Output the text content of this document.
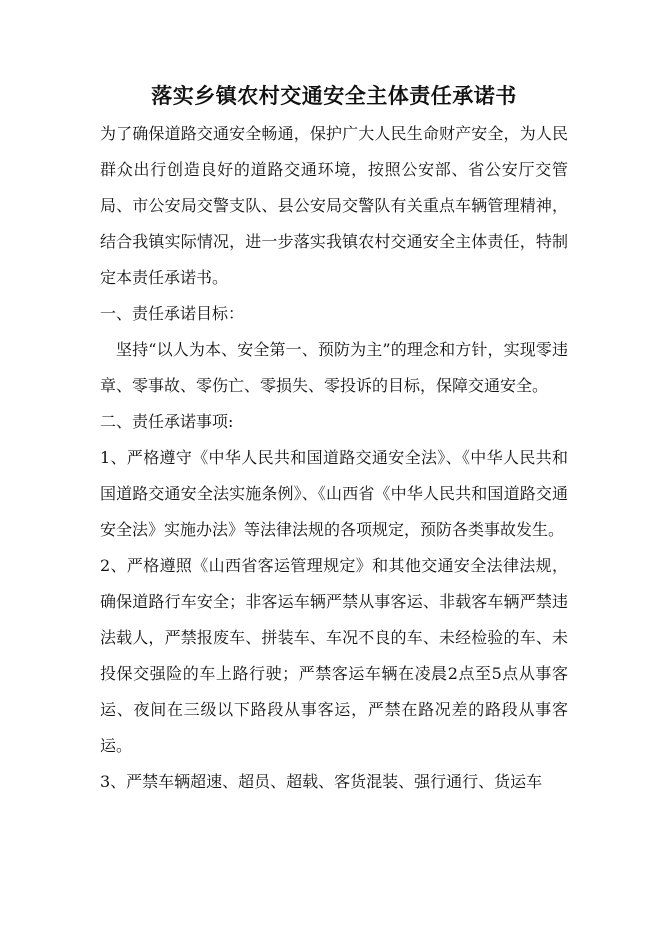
落实乡镇农村交通安全主体责任承诺书

为了确保道路交通安全畅通，保护广大人民生命财产安全，为人民群众出行创造良好的道路交通环境，按照公安部、省公安厅交管局、市公安局交警支队、县公安局交警队有关重点车辆管理精神，结合我镇实际情况，进一步落实我镇农村交通安全主体责任，特制定本责任承诺书。

一、责任承诺目标：

坚持“以人为本、安全第一、预防为主”的理念和方针，实现零违章、零事故、零伤亡、零损失、零投诉的目标，保障交通安全。

二、责任承诺事项:

1、严格遵守《中华人民共和国道路交通安全法》、《中华人民共和国道路交通安全法实施条例》、《山西省《中华人民共和国道路交通安全法》实施办法》等法律法规的各项规定，预防各类事故发生。

2、严格遵照《山西省客运管理规定》和其他交通安全法律法规，确保道路行车安全；非客运车辆严禁从事客运、非载客车辆严禁违法载人，严禁报废车、拼装车、车况不良的车、未经检验的车、未投保交强险的车上路行驶；严禁客运车辆在凌晨2点至5点从事客运、夜间在三级以下路段从事客运，严禁在路况差的路段从事客运。

3、严禁车辆超速、超员、超载、客货混装、强行通行、货运车
